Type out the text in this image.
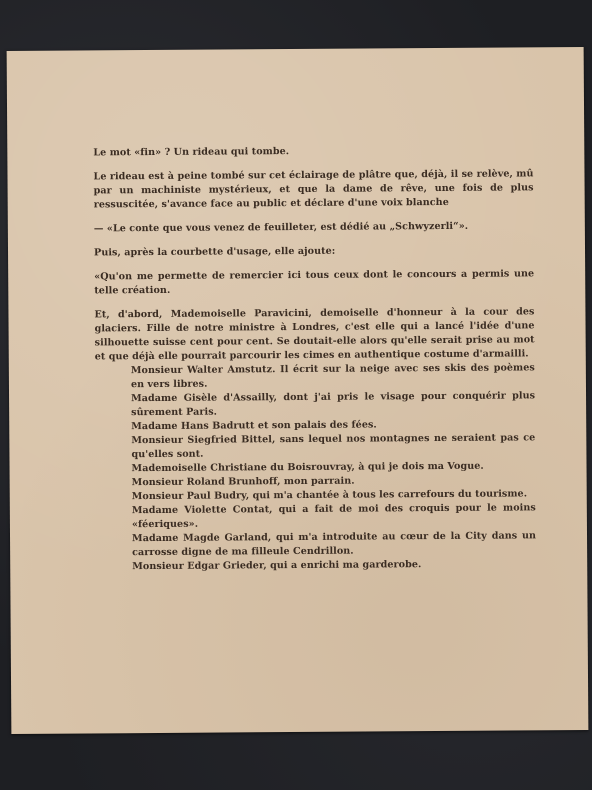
Le mot «fin» ? Un rideau qui tombe.

Le rideau est à peine tombé sur cet éclairage de plâtre que, déjà, il se relève, mû par un machiniste mystérieux, et que la dame de rêve, une fois de plus ressuscitée, s'avance face au public et déclare d'une voix blanche

— «Le conte que vous venez de feuilleter, est dédié au „Schwyzerli“».

Puis, après la courbette d'usage, elle ajoute:

«Qu'on me permette de remercier ici tous ceux dont le concours a permis une telle création.

Et, d'abord, Mademoiselle Paravicini, demoiselle d'honneur à la cour des glaciers. Fille de notre ministre à Londres, c'est elle qui a lancé l'idée d'une silhouette suisse cent pour cent. Se doutait-elle alors qu'elle serait prise au mot et que déjà elle pourrait parcourir les cimes en authentique costume d'armailli.

Monsieur Walter Amstutz. Il écrit sur la neige avec ses skis des poèmes en vers libres.

Madame Gisèle d'Assailly, dont j'ai pris le visage pour conquérir plus sûrement Paris.

Madame Hans Badrutt et son palais des fées.

Monsieur Siegfried Bittel, sans lequel nos montagnes ne seraient pas ce qu'elles sont.

Mademoiselle Christiane du Boisrouvray, à qui je dois ma Vogue.

Monsieur Roland Brunhoff, mon parrain.

Monsieur Paul Budry, qui m'a chantée à tous les carrefours du tourisme.

Madame Violette Contat, qui a fait de moi des croquis pour le moins «féeriques».

Madame Magde Garland, qui m'a introduite au cœur de la City dans un carrosse digne de ma filleule Cendrillon.

Monsieur Edgar Grieder, qui a enrichi ma garderobe.
